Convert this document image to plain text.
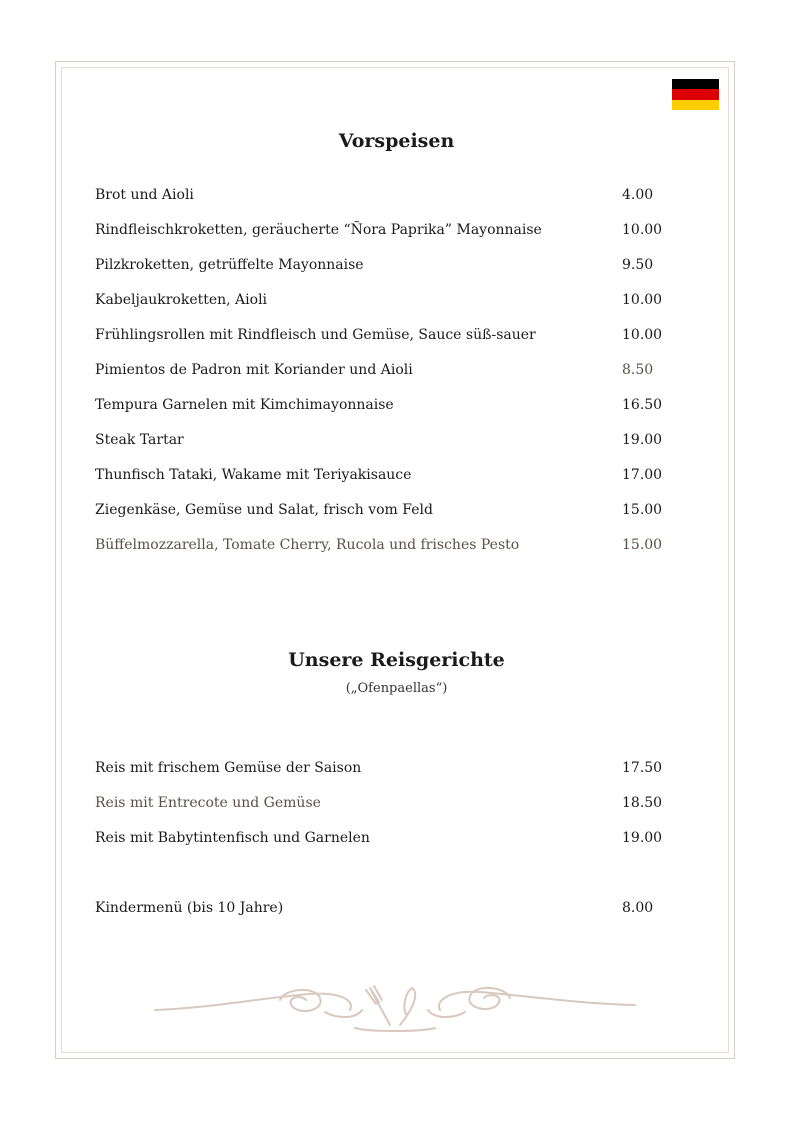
Vorspeisen
Brot und Aioli	4.00
Rindfleischkroketten, geräucherte “Ñora Paprika” Mayonnaise	10.00
Pilzkroketten, getrüffelte Mayonnaise	9.50
Kabeljaukroketten, Aioli	10.00
Frühlingsrollen mit Rindfleisch und Gemüse, Sauce süß-sauer	10.00
Pimientos de Padron mit Koriander und Aioli	8.50
Tempura Garnelen mit Kimchimayonnaise	16.50
Steak Tartar	19.00
Thunfisch Tataki, Wakame mit Teriyakisauce	17.00
Ziegenkäse, Gemüse und Salat, frisch vom Feld	15.00
Büffelmozzarella, Tomate Cherry, Rucola und frisches Pesto	15.00
Unsere Reisgerichte
(„Ofenpaellas“)
Reis mit frischem Gemüse der Saison	17.50
Reis mit Entrecote und Gemüse	18.50
Reis mit Babytintenfisch und Garnelen	19.00
Kindermenü (bis 10 Jahre)	8.00
